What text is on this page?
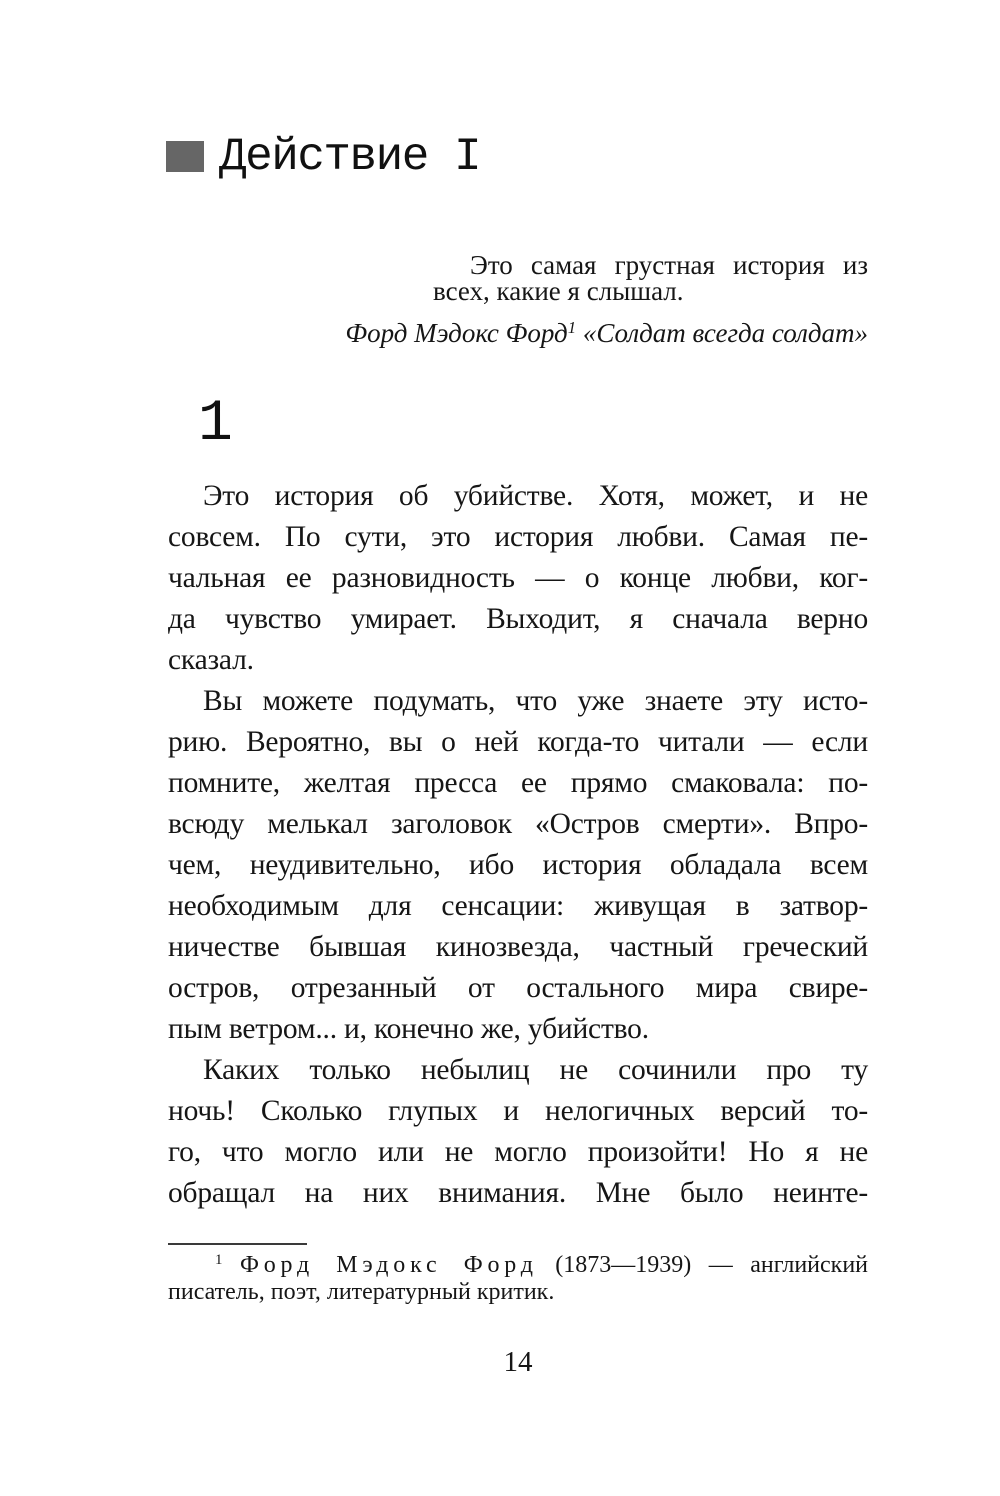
Действие I
Это самая грустная история из
всех, какие я слышал.
Форд Мэдокс Форд$^1$ «Солдат всегда солдат»
1
Это история об убийстве. Хотя, может, и не
совсем. По сути, это история любви. Самая пе-
чальная ее разновидность — о конце любви, ког-
да чувство умирает. Выходит, я сначала верно
сказал.
Вы можете подумать, что уже знаете эту исто-
рию. Вероятно, вы о ней когда-то читали — если
помните, желтая пресса ее прямо смаковала: по-
всюду мелькал заголовок «Остров смерти». Впро-
чем, неудивительно, ибо история обладала всем
необходимым для сенсации: живущая в затвор-
ничестве бывшая кинозвезда, частный греческий
остров, отрезанный от остального мира свире-
пым ветром... и, конечно же, убийство.
Каких только небылиц не сочинили про ту
ночь! Сколько глупых и нелогичных версий то-
го, что могло или не могло произойти! Но я не
обращал на них внимания. Мне было неинте-
$^1$ Форд Мэдокс Форд (1873—1939) — английский
писатель, поэт, литературный критик.
14
